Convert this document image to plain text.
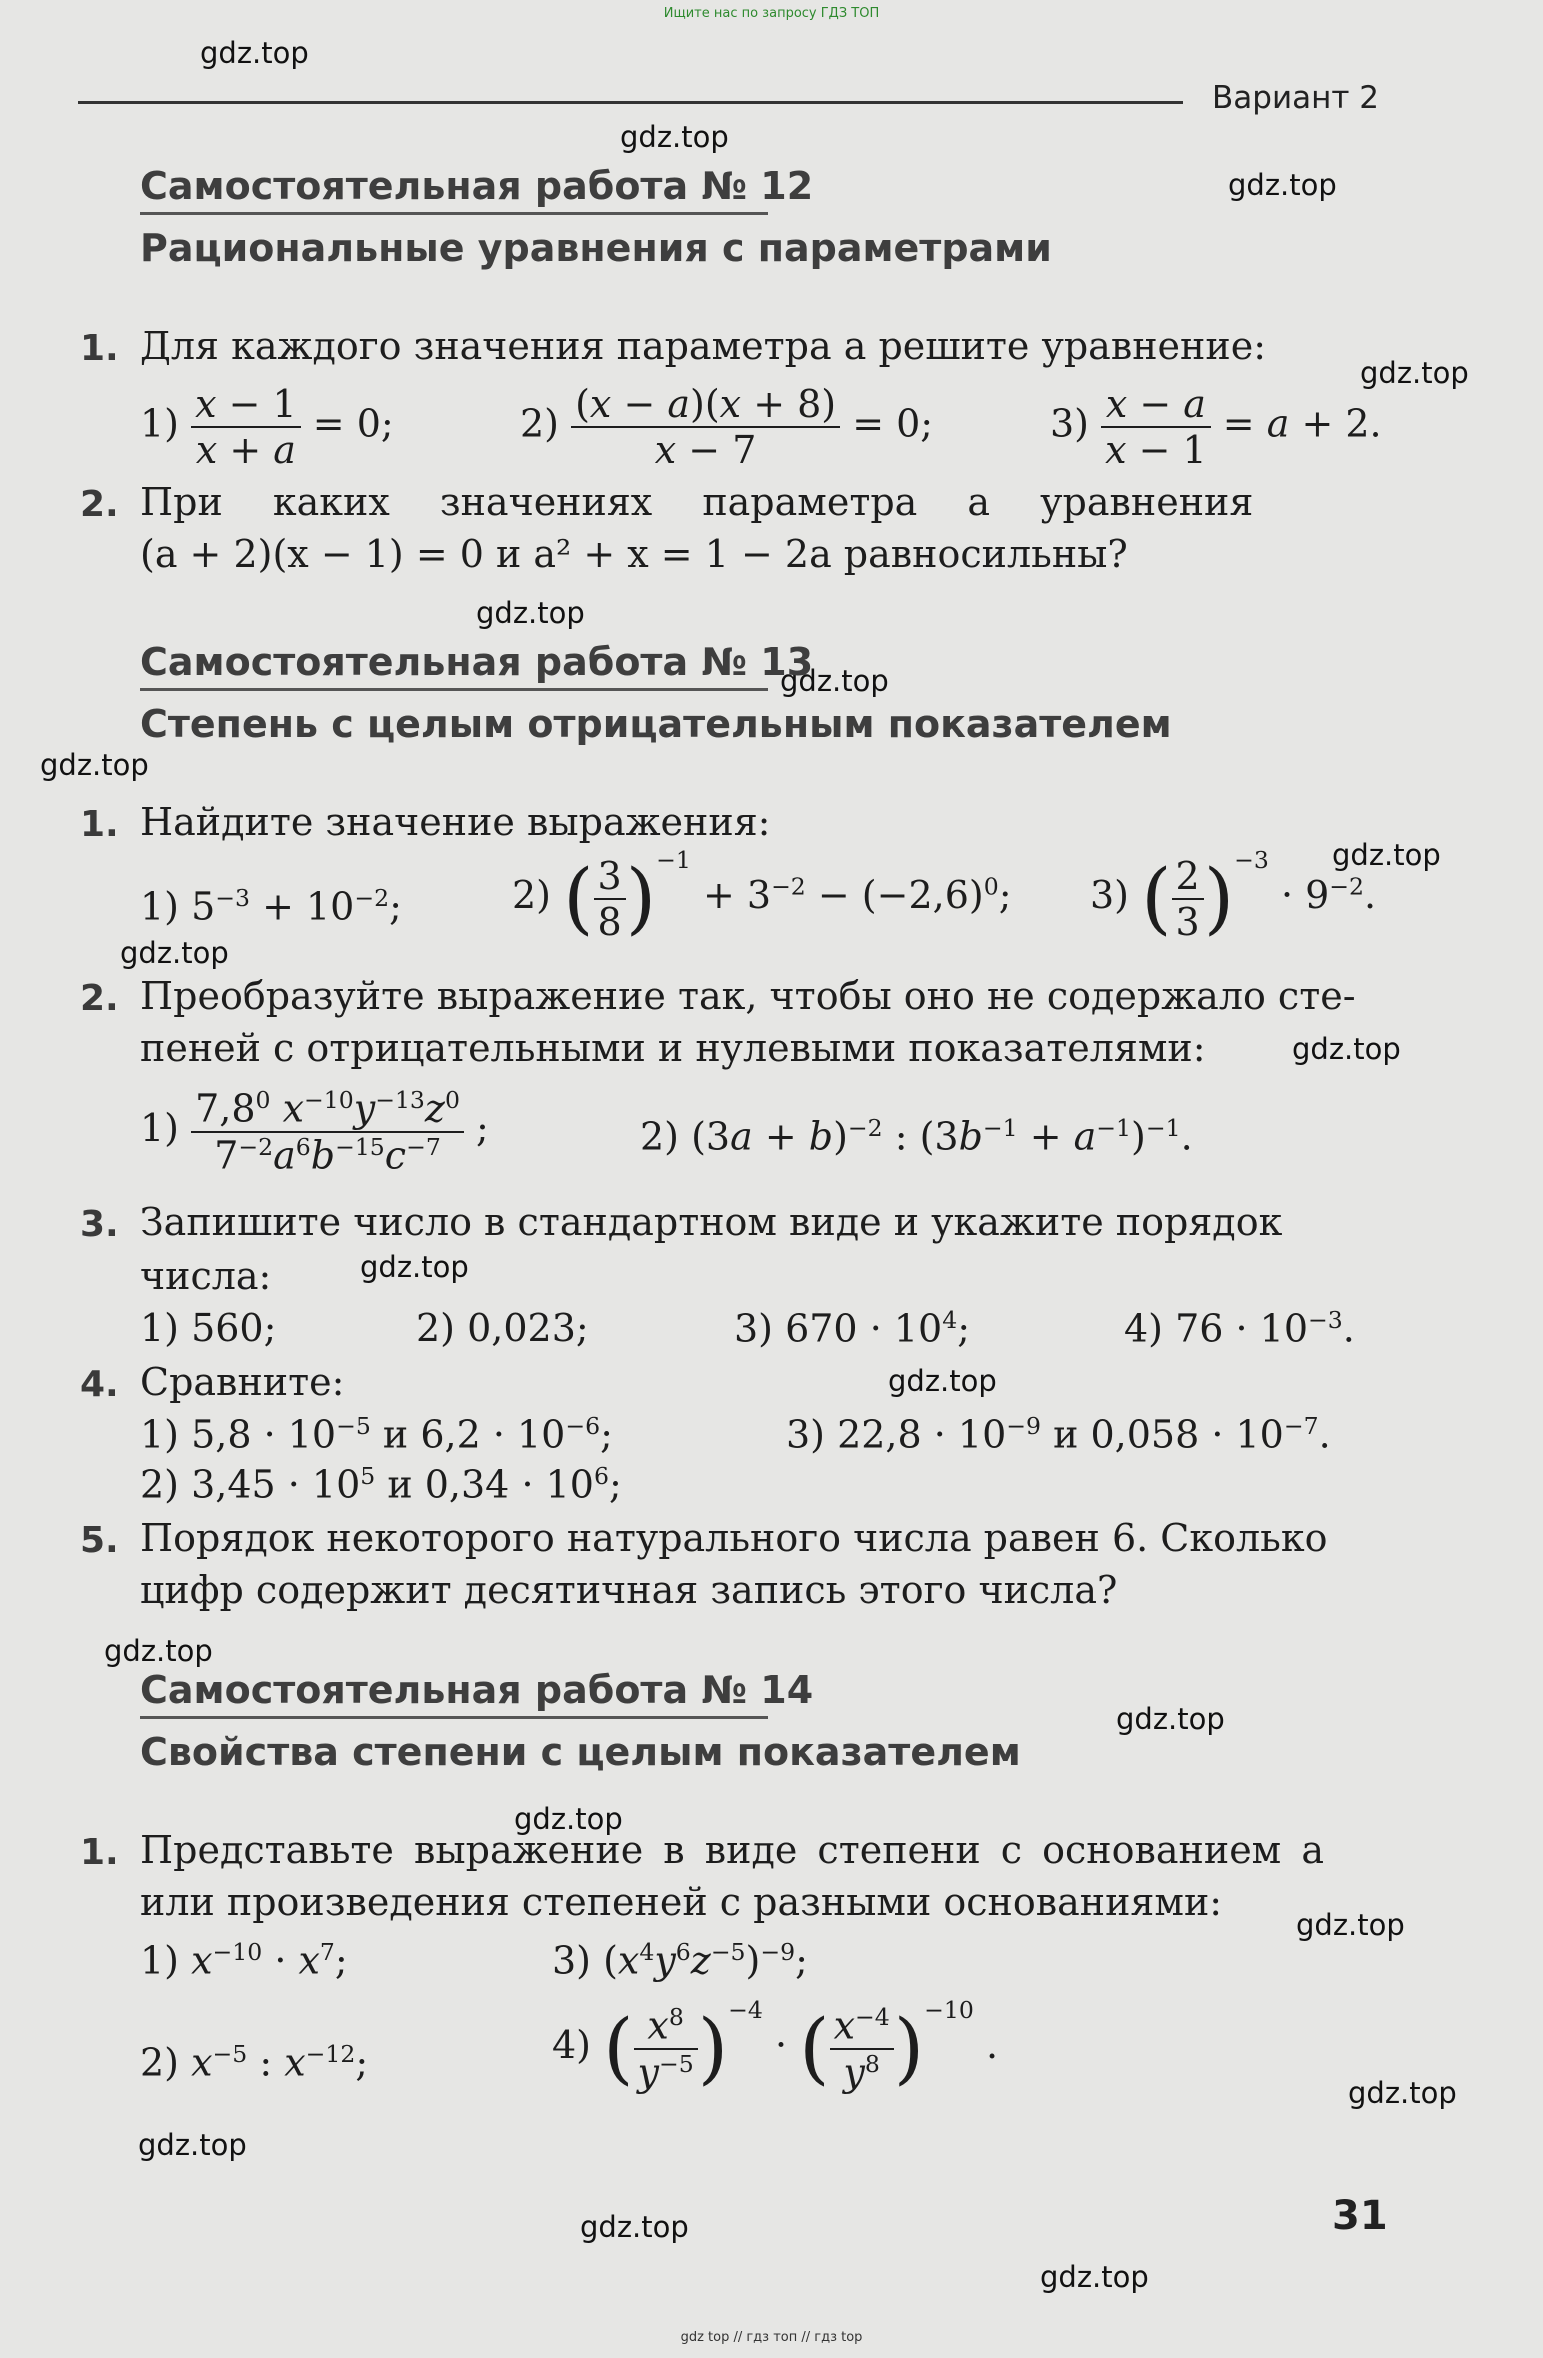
Ищите нас по запросу ГДЗ ТОП
gdz.top
gdz.top
gdz.top
gdz.top
gdz.top
gdz.top
gdz.top
gdz.top
gdz.top
gdz.top
gdz.top
gdz.top
gdz.top
gdz.top
gdz.top
gdz.top
gdz.top
gdz.top
gdz.top
gdz.top
Вариант 2
Самостоятельная работа № 12
Рациональные уравнения с параметрами
1. Для каждого значения параметра a решите уравнение:
$1) \frac{x - 1}{x + a} = 0$;	$2) \frac{(x - a)(x + 8)}{x - 7} = 0$;	$3) \frac{x - a}{x - 1} = a + 2$.
2. При каких значениях параметра a уравнения
(a + 2)(x − 1) = 0 и a² + x = 1 − 2a равносильны?
Самостоятельная работа № 13
Степень с целым отрицательным показателем
1. Найдите значение выражения:
1) $5^{-3} + 10^{-2}$;	2) ( $\frac{3}{8} )^{-1} + 3^{-2} - (-2,6)^0$; 3) ( $\frac{2}{3} )^{-3} \cdot 9^{-2}$.
2. Преобразуйте выражение так, чтобы оно не содержало сте-
пеней с отрицательными и нулевыми показателями:
$1) \frac{7,8^0 x^{-10}y^{-13}z^0}{7^{-2}a^6b^{-15}c^{-7}}$ ;	2) $(3a + b)^{-2}$ : $(3b^{-1} + a^{-1})^{-1}$.
3. Запишите число в стандартном виде и укажите порядок
числа:
1) 560;	2) 0,023;	3) $670 \cdot 10^4$;	4) $76 \cdot 10^{-3}$.
4. Сравните:
1) $5,8 \cdot 10^{-5}$ и $6,2 \cdot 10^{-6}$;	3) $22,8 \cdot 10^{-9}$ и $0,058 \cdot 10^{-7}$.
2) $3,45 \cdot 10^5$ и $0,34 \cdot 10^6$;
5. Порядок некоторого натурального числа равен 6. Сколько
цифр содержит десятичная запись этого числа?
Самостоятельная работа № 14
Свойства степени с целым показателем
1. Представьте выражение в виде степени с основанием a
или произведения степеней с разными основаниями:
1) $x^{-10} \cdot x^7$;	3) $(x^4y^6z^{-5})^{-9}$;
2) $x^{-5}$ : $x^{-12}$;	4) ( $\frac{x^8}{y^{-5}} )^{-4}$ · ( $\frac{x^{-4}}{y^8} )^{-10}$ .
31
gdz top // гдз топ // гдз top
